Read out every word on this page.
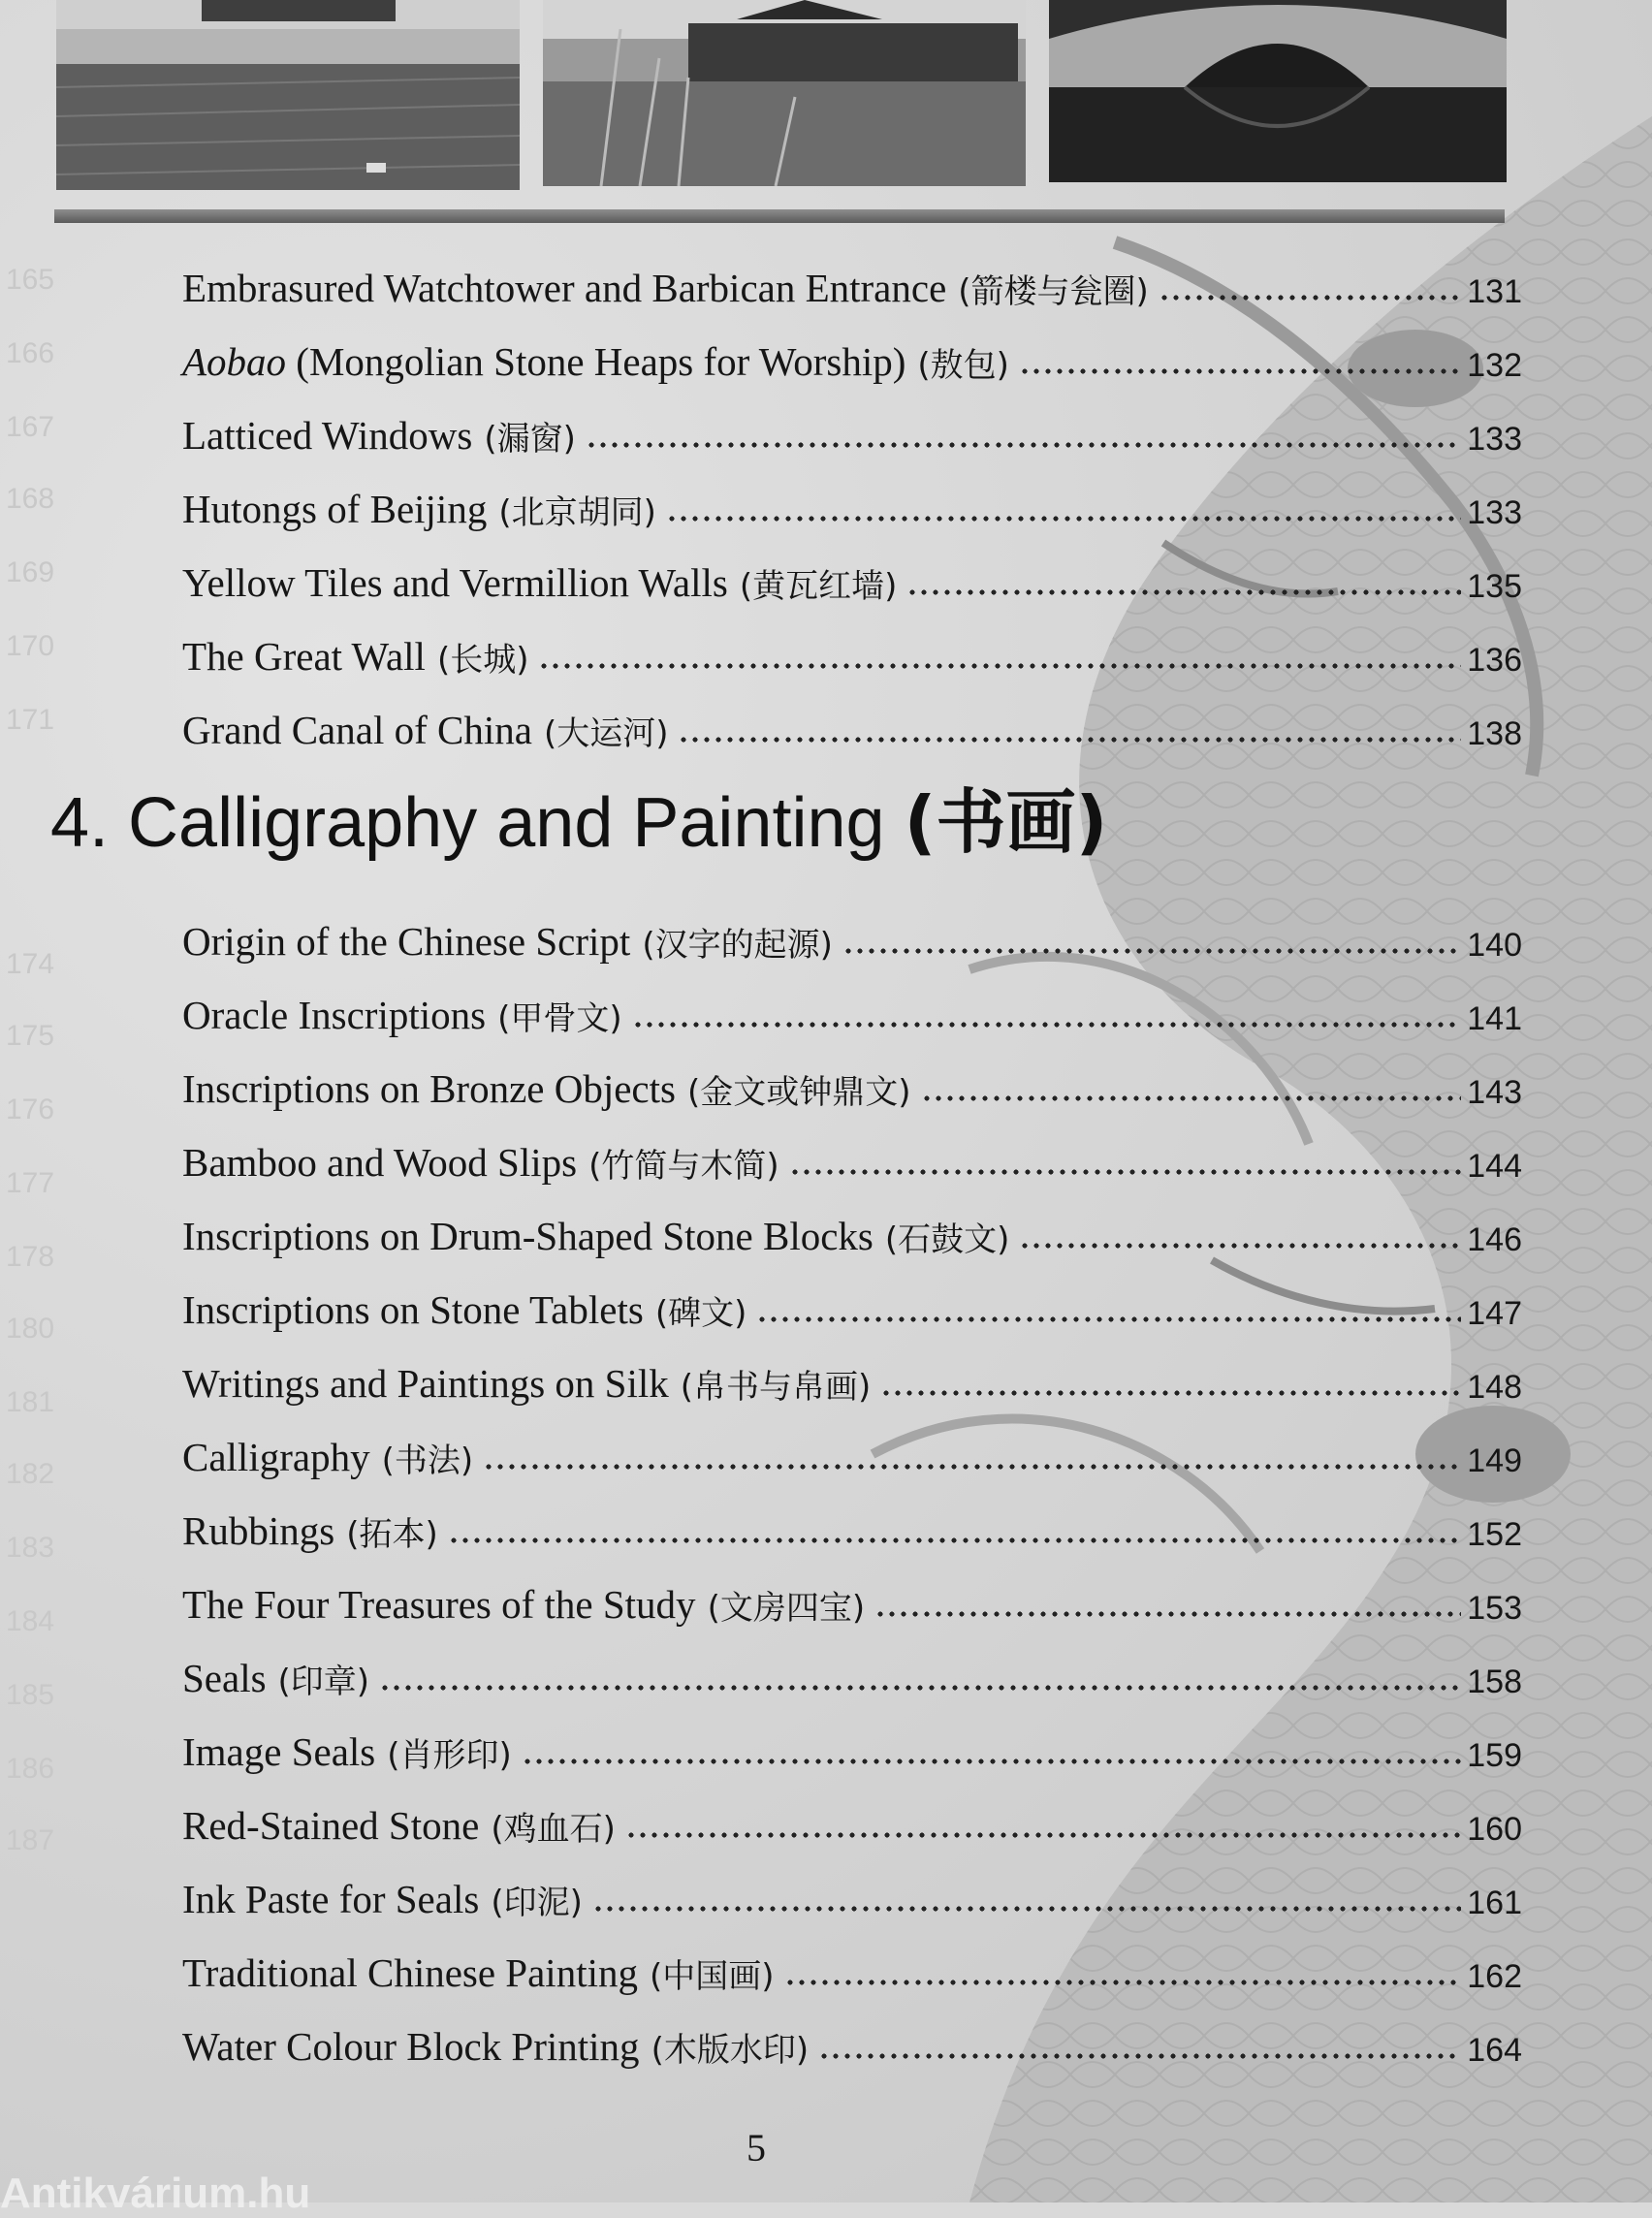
165
166
167
168
169
170
171
174
175
176
177
178
180
181
182
183
184
185
186
187
Embrasured Watchtower and Barbican Entrance (箭楼与瓮圈)	131
Aobao (Mongolian Stone Heaps for Worship) (敖包)	132
Latticed Windows (漏窗)	133
Hutongs of Beijing (北京胡同)	133
Yellow Tiles and Vermillion Walls (黄瓦红墙)	135
The Great Wall (长城)	136
Grand Canal of China (大运河)	138
4. Calligraphy and Painting (书画)
Origin of the Chinese Script (汉字的起源)	140
Oracle Inscriptions (甲骨文)	141
Inscriptions on Bronze Objects (金文或钟鼎文)	143
Bamboo and Wood Slips (竹简与木简)	144
Inscriptions on Drum-Shaped Stone Blocks (石鼓文)	146
Inscriptions on Stone Tablets (碑文)	147
Writings and Paintings on Silk (帛书与帛画)	148
Calligraphy (书法)	149
Rubbings (拓本)	152
The Four Treasures of the Study (文房四宝)	153
Seals (印章)	158
Image Seals (肖形印)	159
Red-Stained Stone (鸡血石)	160
Ink Paste for Seals (印泥)	161
Traditional Chinese Painting (中国画)	162
Water Colour Block Printing (木版水印)	164
5
Antikvárium.hu
